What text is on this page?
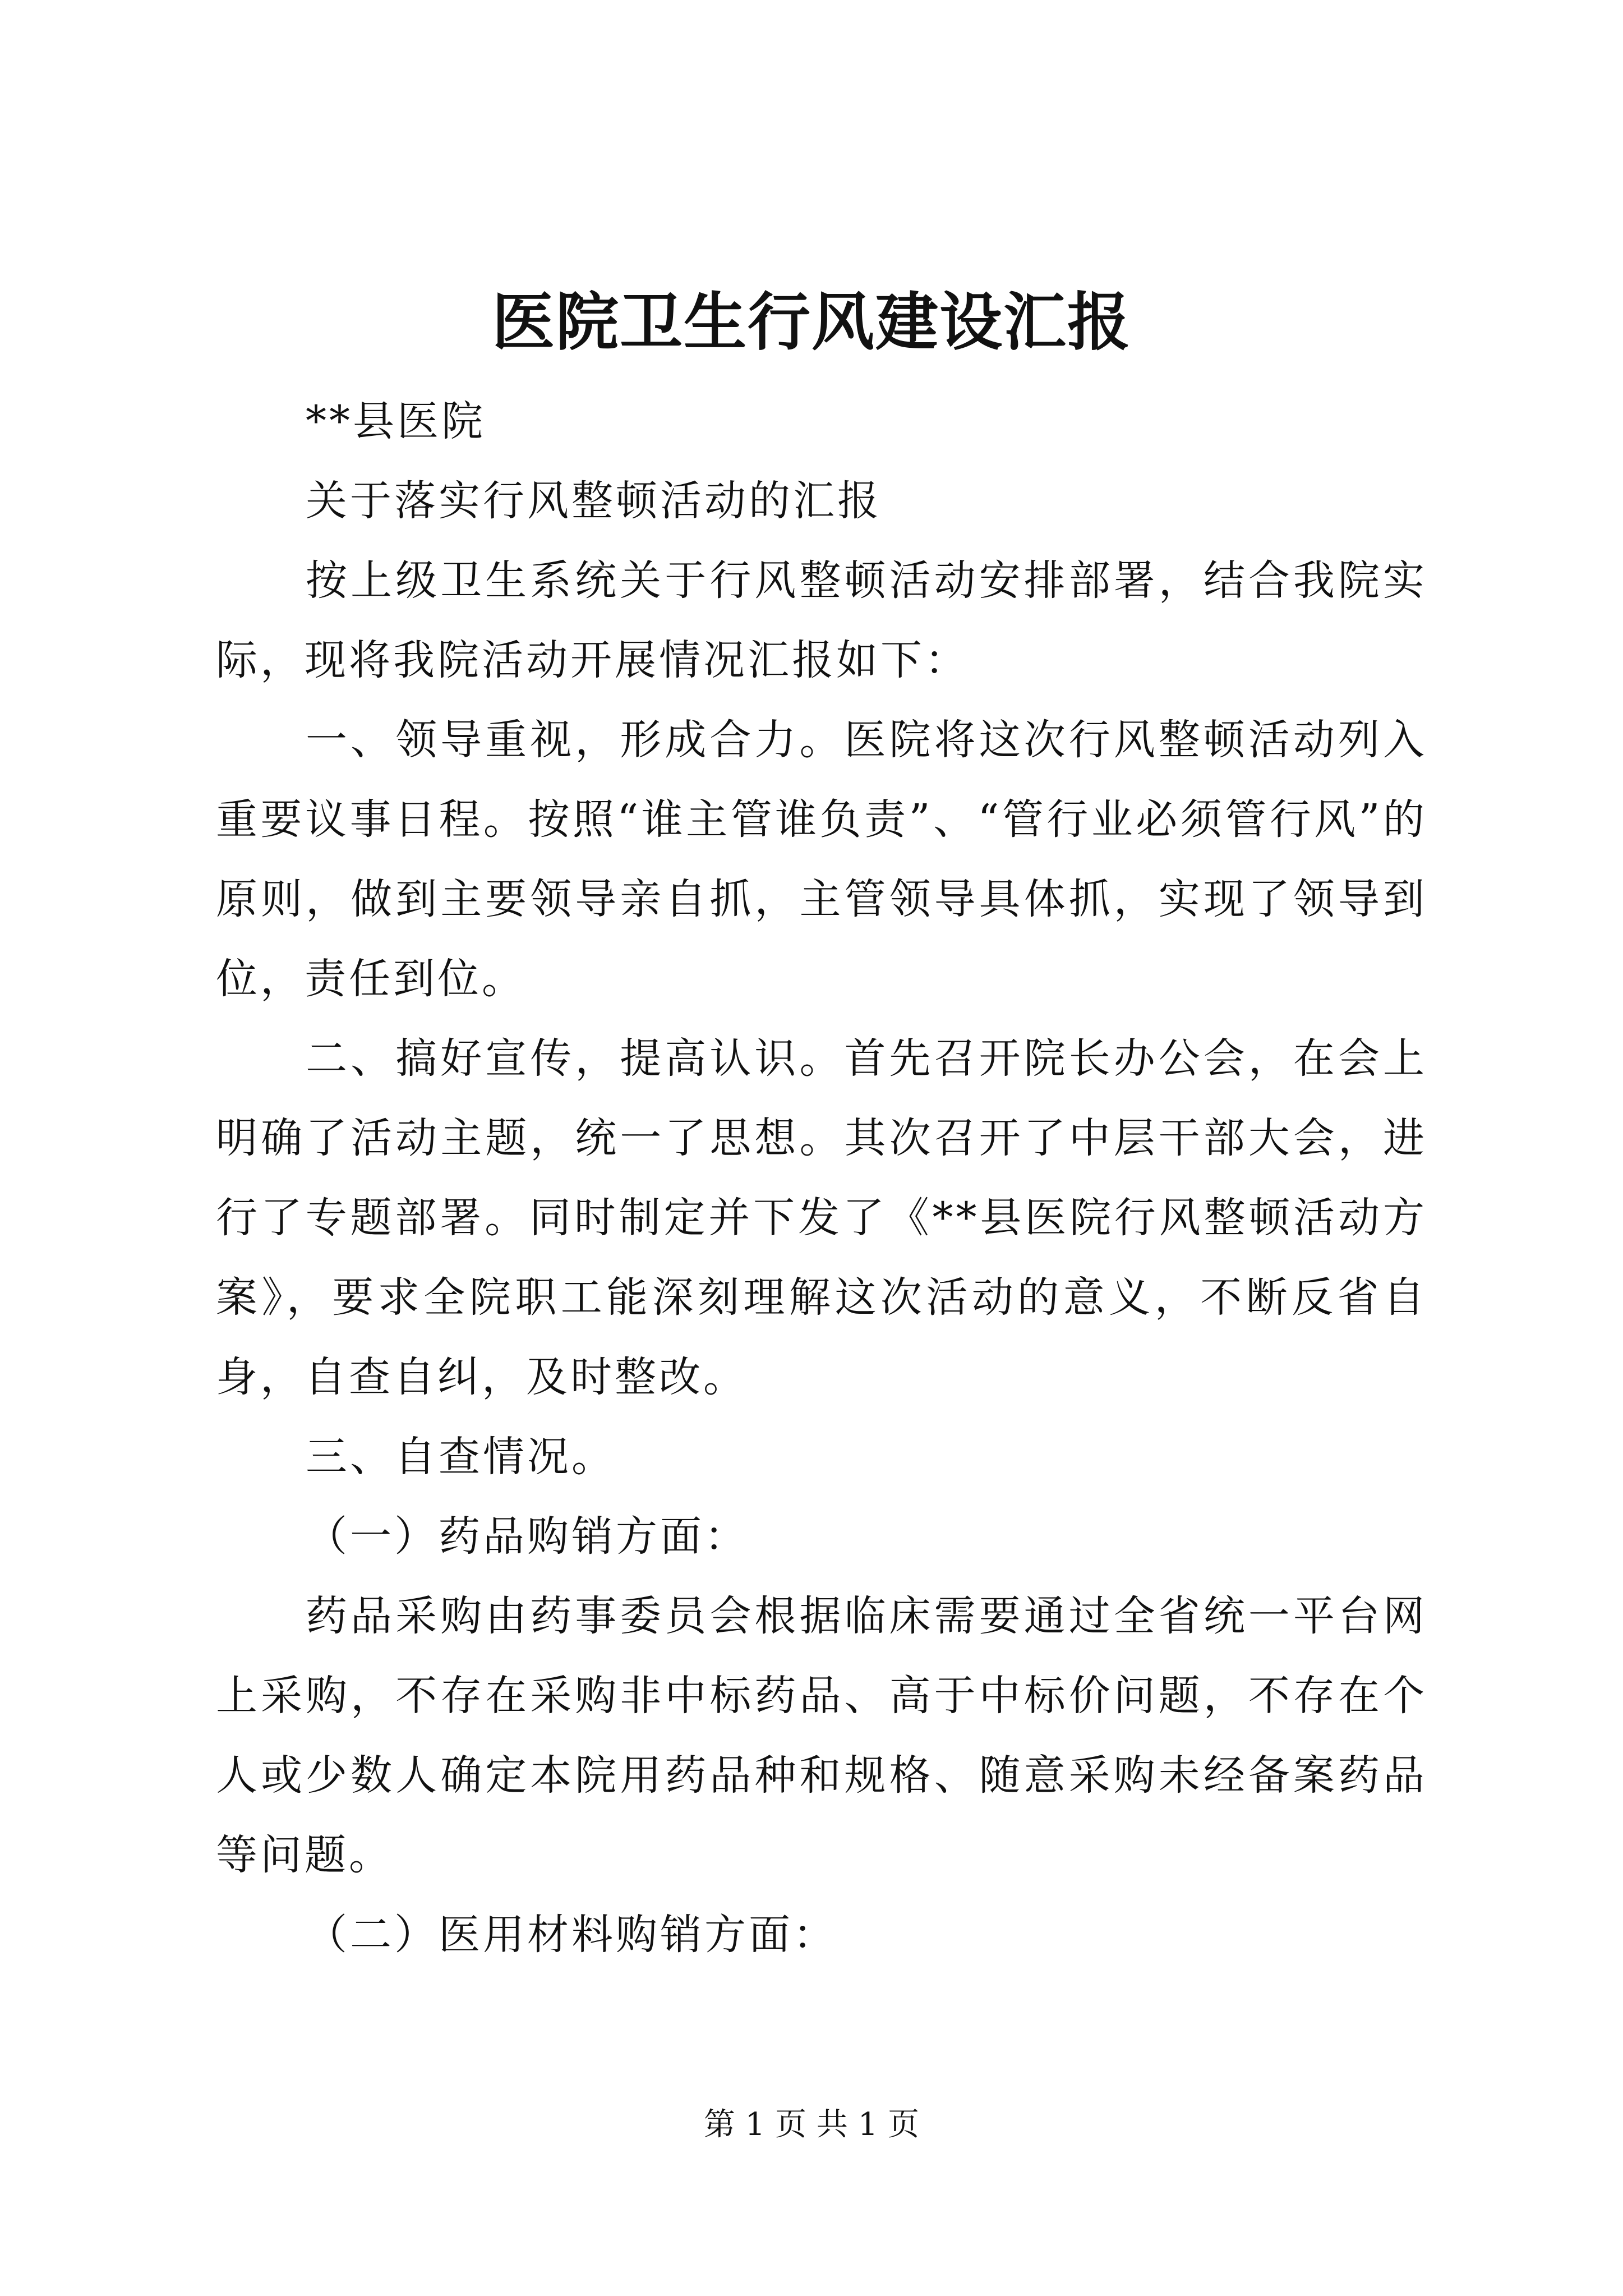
医院卫生行风建设汇报

**县医院

关于落实行风整顿活动的汇报

按上级卫生系统关于行风整顿活动安排部署，结合我院实际，现将我院活动开展情况汇报如下：

一、领导重视，形成合力。医院将这次行风整顿活动列入重要议事日程。按照“谁主管谁负责”、“管行业必须管行风”的原则，做到主要领导亲自抓，主管领导具体抓，实现了领导到位，责任到位。

二、搞好宣传，提高认识。首先召开院长办公会，在会上明确了活动主题，统一了思想。其次召开了中层干部大会，进行了专题部署。同时制定并下发了《**县医院行风整顿活动方案》，要求全院职工能深刻理解这次活动的意义，不断反省自身，自查自纠，及时整改。

三、自查情况。

（一）药品购销方面：

药品采购由药事委员会根据临床需要通过全省统一平台网上采购，不存在采购非中标药品、高于中标价问题，不存在个人或少数人确定本院用药品种和规格、随意采购未经备案药品等问题。

（二）医用材料购销方面：

第 1 页 共 1 页
